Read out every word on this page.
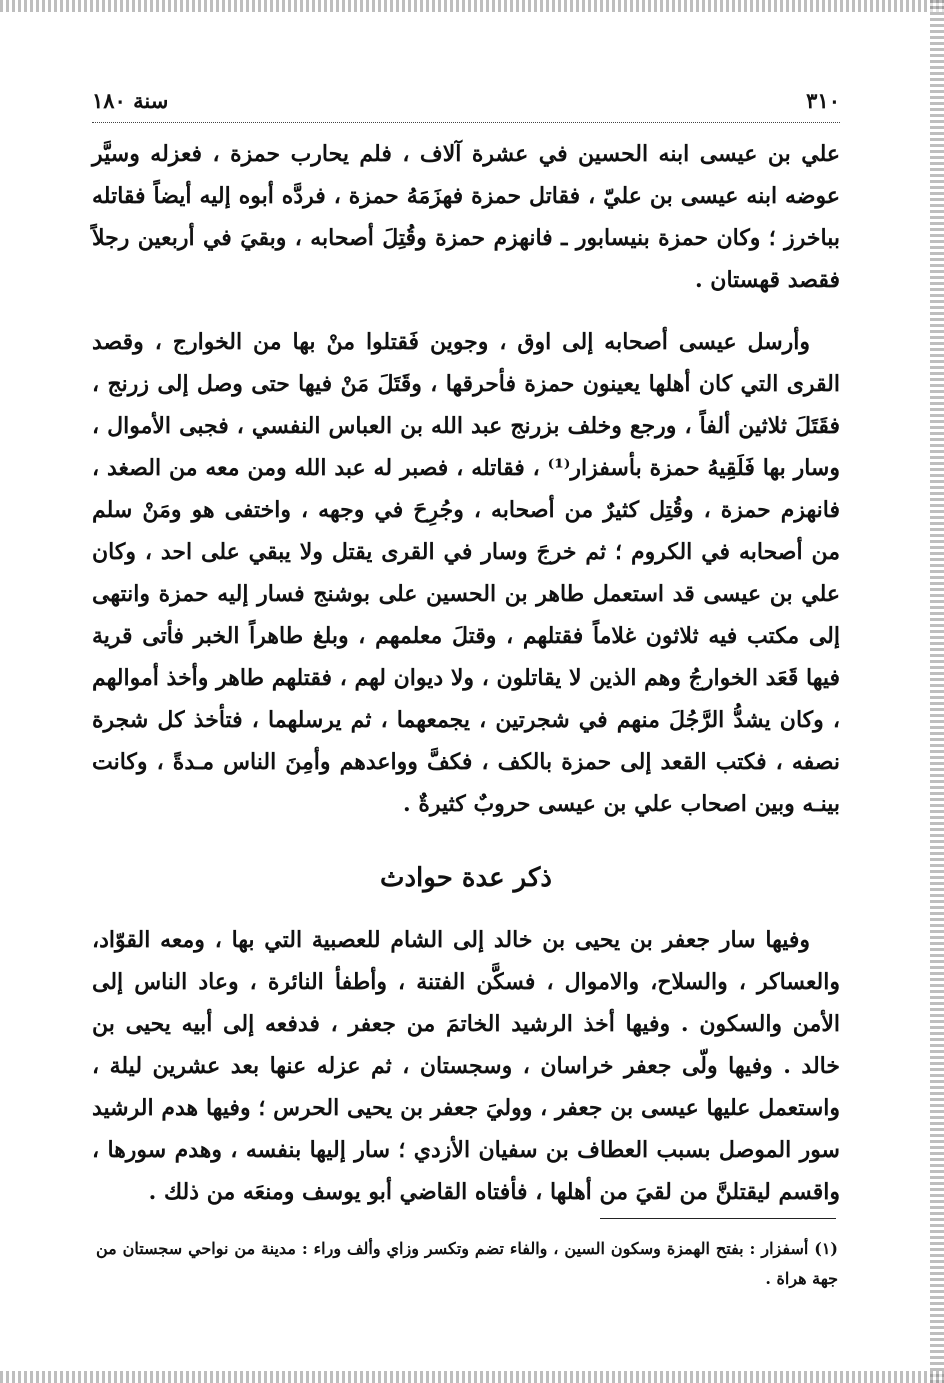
٣١٠
سنة ١٨٠

علي بن عيسى ابنه الحسين في عشرة آلاف ، فلم يحارب حمزة ، فعزله وسيَّر عوضه ابنه عيسى بن عليّ ، فقاتل حمزة فهزَمَهُ حمزة ، فردَّه أبوه إليه أيضاً فقاتله بباخرز ؛ وكان حمزة بنيسابور ـ فانهزم حمزة وقُتِلَ أصحابه ، وبقيَ في أربعين رجلاً فقصد قهستان .

وأرسل عيسى أصحابه إلى اوق ، وجوين فَقتلوا منْ بها من الخوارج ، وقصد القرى التي كان أهلها يعينون حمزة فأحرقها ، وقَتَلَ مَنْ فيها حتى وصل إلى زرنج ، فقَتَلَ ثلاثين ألفاً ، ورجع وخلف بزرنج عبد الله بن العباس النفسي ، فجبى الأموال ، وسار بها فَلَقِيهُ حمزة بأسفزار⁽¹⁾ ، فقاتله ، فصبر له عبد الله ومن معه من الصغد ، فانهزم حمزة ، وقُتِل كثيرٌ من أصحابه ، وجُرِحَ في وجهه ، واختفى هو ومَنْ سلم من أصحابه في الكروم ؛ ثم خرجَ وسار في القرى يقتل ولا يبقي على احد ، وكان علي بن عيسى قد استعمل طاهر بن الحسين على بوشنج فسار إليه حمزة وانتهى إلى مكتب فيه ثلاثون غلاماً فقتلهم ، وقتلَ معلمهم ، وبلغ طاهراً الخبر فأتى قرية فيها قَعَد الخوارجُ وهم الذين لا يقاتلون ، ولا ديوان لهم ، فقتلهم طاهر وأخذ أموالهم ، وكان يشدُّ الرَّجُلَ منهم في شجرتين ، يجمعهما ، ثم يرسلهما ، فتأخذ كل شجرة نصفه ، فكتب القعد إلى حمزة بالكف ، فكفَّ وواعدهم وأمِنَ الناس مـدةً ، وكانت بينـه وبين اصحاب علي بن عيسى حروبٌ كثيرةٌ .

ذكر عدة حوادث

وفيها سار جعفر بن يحيى بن خالد إلى الشام للعصبية التي بها ، ومعه القوّاد، والعساكر ، والسلاح، والاموال ، فسكَّن الفتنة ، وأطفأ النائرة ، وعاد الناس إلى الأمن والسكون . وفيها أخذ الرشيد الخاتمَ من جعفر ، فدفعه إلى أبيه يحيى بن خالد . وفيها ولّى جعفر خراسان ، وسجستان ، ثم عزله عنها بعد عشرين ليلة ، واستعمل عليها عيسى بن جعفر ، ووليَ جعفر بن يحيى الحرس ؛ وفيها هدم الرشيد سور الموصل بسبب العطاف بن سفيان الأزدي ؛ سار إليها بنفسه ، وهدم سورها ، واقسم ليقتلنَّ من لقيَ من أهلها ، فأفتاه القاضي أبو يوسف ومنعَه من ذلك .

(١) أسفزار : بفتح الهمزة وسكون السين ، والفاء تضم وتكسر وزاي وألف وراء : مدينة من نواحي سجستان من جهة هراة .
